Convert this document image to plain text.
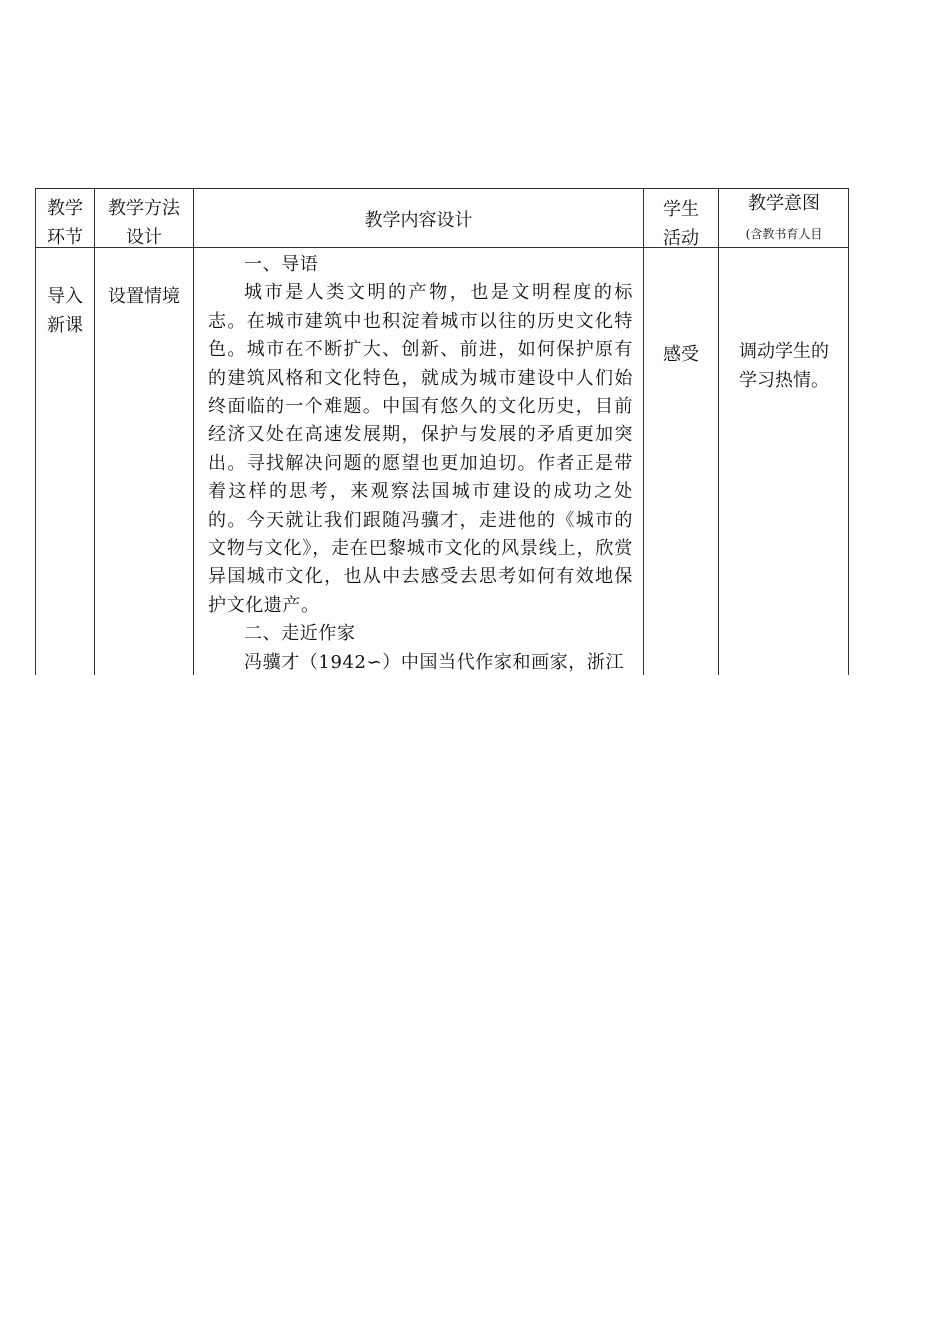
教学
环节
教学方法
设计
教学内容设计
学生
活动
教学意图
(含教书育人目
导入
新课
设置情境

一、导语

城市是人类文明的产物，也是文明程度的标志。在城市建筑中也积淀着城市以往的历史文化特色。城市在不断扩大、创新、前进，如何保护原有的建筑风格和文化特色，就成为城市建设中人们始终面临的一个难题。中国有悠久的文化历史，目前经济又处在高速发展期，保护与发展的矛盾更加突出。寻找解决问题的愿望也更加迫切。作者正是带着这样的思考，来观察法国城市建设的成功之处的。今天就让我们跟随冯骥才，走进他的《城市的文物与文化》，走在巴黎城市文化的风景线上，欣赏异国城市文化，也从中去感受去思考如何有效地保护文化遗产。

二、走近作家

冯骥才（1942∽）中国当代作家和画家，浙江

感受	调动学生的
学习热情。
